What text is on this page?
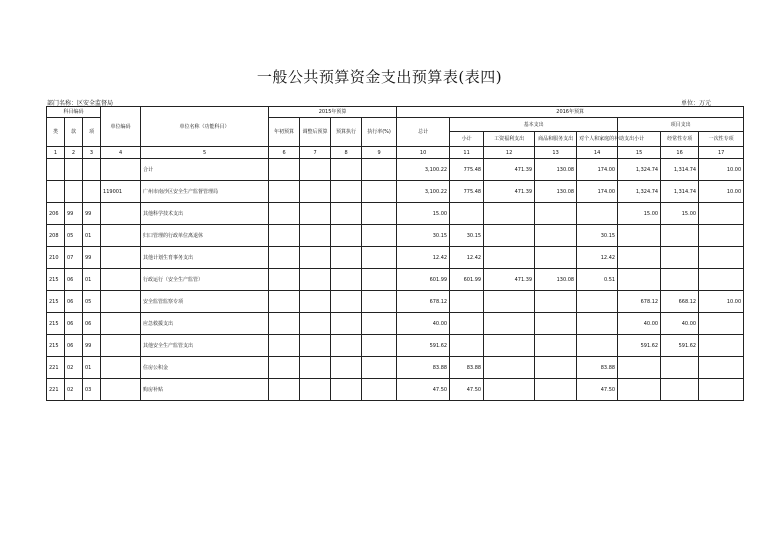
一般公共预算资金支出预算表(表四)
部门名称：区安全监督局	单位：万元
科目编码			单位编码	单位名称（功能科目）	2015年预算				2016年预算							
类	款	项			年初预算	调整后预算	预算执行	执行率(%)	总计	基本支出				项目支出		
										小计	工资福利支出	商品和服务支出	对个人和家庭的补助支出	小计	经常性专项	一次性专项
1	2	3	4	5	6	7	8	9	10	11	12	13	14	15	16	17
				合计					3,100.22	775.48	471.39	130.08	174.00	1,324.74	1,314.74	10.00
			119001	广州市南沙区安全生产监督管理局					3,100.22	775.48	471.39	130.08	174.00	1,324.74	1,314.74	10.00
206	99	99		其他科学技术支出					15.00					15.00	15.00	
208	05	01		归口管理的行政单位离退休					30.15	30.15			30.15			
210	07	99		其他计划生育事务支出					12.42	12.42			12.42			
215	06	01		行政运行（安全生产监管）					601.99	601.99	471.39	130.08	0.51			
215	06	05		安全监管监察专项					678.12					678.12	668.12	10.00
215	06	06		应急救援支出					40.00					40.00	40.00	
215	06	99		其他安全生产监管支出					591.62					591.62	591.62	
221	02	01		住房公积金					83.88	83.88			83.88			
221	02	03		购房补贴					47.50	47.50			47.50			
